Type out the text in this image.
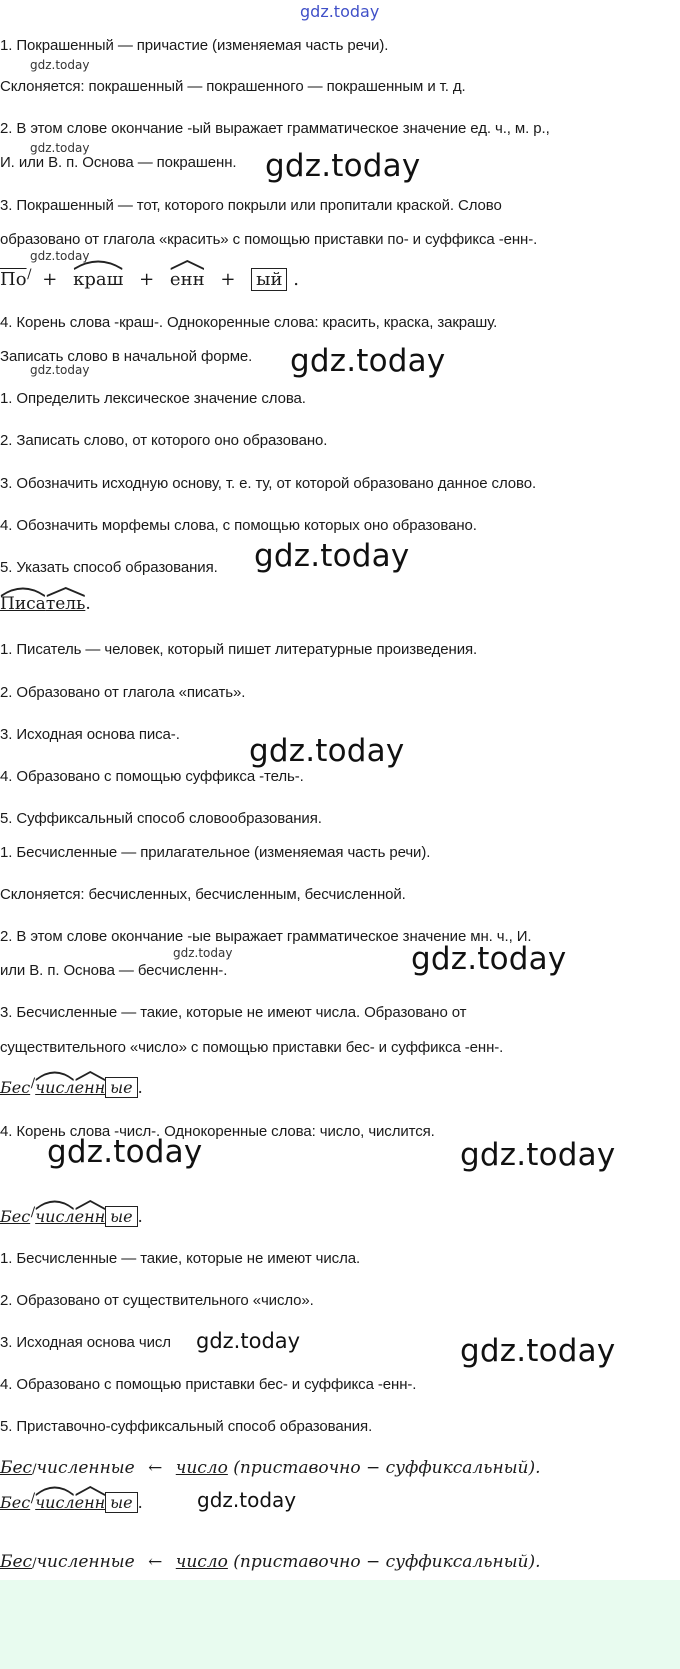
gdz.today
1. Покрашенный — причастие (изменяемая часть речи).
gdz.today
Склоняется: покрашенный — покрашенного — покрашенным и т. д.
2. В этом слове окончание -ый выражает грамматическое значение ед. ч., м. р.,
gdz.today
И. или В. п. Основа — покрашенн. gdz.today
3. Покрашенный — тот, которого покрыли или пропитали краской. Слово
образовано от глагола «красить» с помощью приставки по- и суффикса -енн-.
gdz.today
По / + краш + енн + ый .
4. Корень слова -краш-. Однокоренные слова: красить, краска, закрашу.
Записать слово в начальной форме.
gdz.today	gdz.today
1. Определить лексическое значение слова.
2. Записать слово, от которого оно образовано.
3. Обозначить исходную основу, т. е. ту, от которой образовано данное слово.
4. Обозначить морфемы слова, с помощью которых оно образовано.
5. Указать способ образования. gdz.today
Писа
тель.
1. Писатель — человек, который пишет литературные произведения.
2. Образовано от глагола «писать».
3. Исходная основа писа-. gdz.today
4. Образовано с помощью суффикса -тель-.
5. Суффиксальный способ словообразования.
1. Бесчисленные — прилагательное (изменяемая часть речи).
Склоняется: бесчисленных, бесчисленным, бесчисленной.
2. В этом слове окончание -ые выражает грамматическое значение мн. ч., И.
gdz.today
или В. п. Основа — бесчисленн-.	gdz.today
3. Бесчисленные — такие, которые не имеют числа. Образовано от
существительного «число» с помощью приставки бес- и суффикса -енн-.
Бес / числ
енн ые .
4. Корень слова -числ-. Однокоренные слова: число, числится.
gdz.today	gdz.today
Бес / числ
енн ые .
1. Бесчисленные — такие, которые не имеют числа.
2. Образовано от существительного «число».
3. Исходная основа числ gdz.today	gdz.today
4. Образовано с помощью приставки бес- и суффикса -енн-.
5. Приставочно-суффиксальный способ образования.
Бес/численные ← число (приставочно − суффиксальный).
Бес / числ
енн ые .	gdz.today
Бес/численные ← число (приставочно − суффиксальный).
